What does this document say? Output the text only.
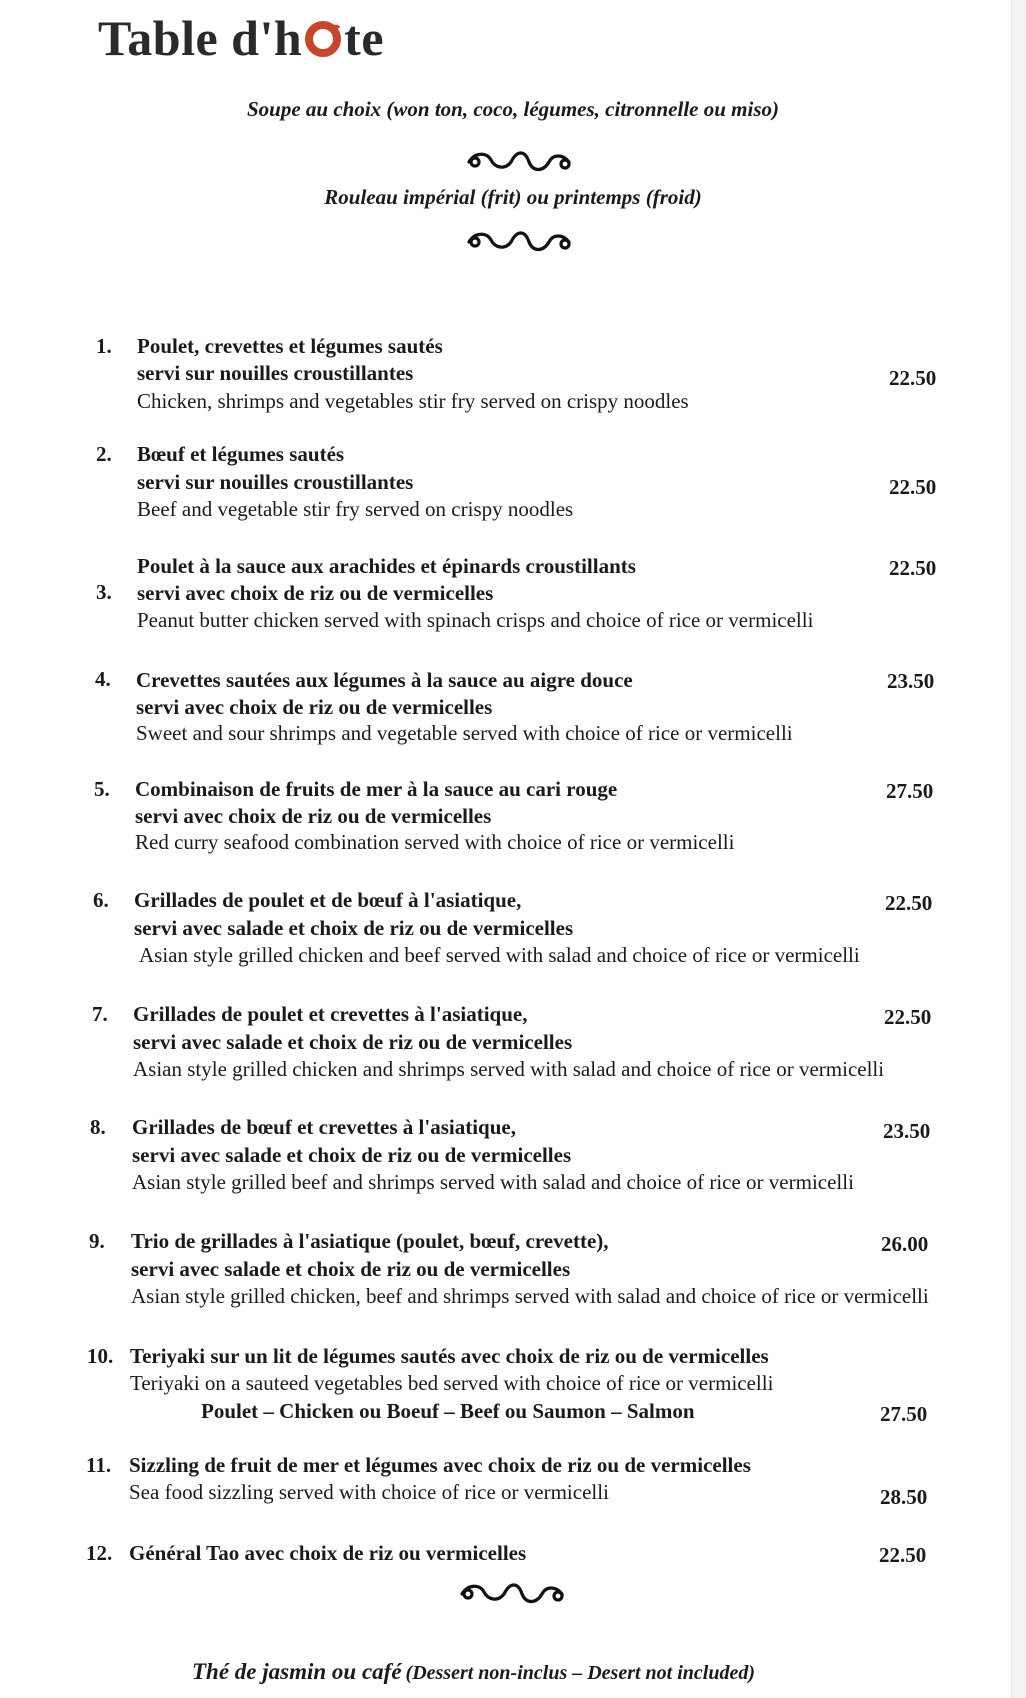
Table d'h te
Soupe au choix (won ton, coco, légumes, citronnelle ou miso)
Rouleau impérial (frit) ou printemps (froid)
1. Poulet, crevettes et légumes sautés
servi sur nouilles croustillantes
Chicken, shrimps and vegetables stir fry served on crispy noodles
22.50
2. Bœuf et légumes sautés
servi sur nouilles croustillantes
Beef and vegetable stir fry served on crispy noodles
22.50
3.
Poulet à la sauce aux arachides et épinards croustillants
servi avec choix de riz ou de vermicelles
Peanut butter chicken served with spinach crisps and choice of rice or vermicelli
22.50
4. Crevettes sautées aux légumes à la sauce au aigre douce
servi avec choix de riz ou de vermicelles
Sweet and sour shrimps and vegetable served with choice of rice or vermicelli
23.50
5. Combinaison de fruits de mer à la sauce au cari rouge
servi avec choix de riz ou de vermicelles
Red curry seafood combination served with choice of rice or vermicelli
27.50
6. Grillades de poulet et de bœuf à l'asiatique,
servi avec salade et choix de riz ou de vermicelles
Asian style grilled chicken and beef served with salad and choice of rice or vermicelli
22.50
7. Grillades de poulet et crevettes à l'asiatique,
servi avec salade et choix de riz ou de vermicelles
Asian style grilled chicken and shrimps served with salad and choice of rice or vermicelli
22.50
8. Grillades de bœuf et crevettes à l'asiatique,
servi avec salade et choix de riz ou de vermicelles
Asian style grilled beef and shrimps served with salad and choice of rice or vermicelli
23.50
9. Trio de grillades à l'asiatique (poulet, bœuf, crevette),
servi avec salade et choix de riz ou de vermicelles
Asian style grilled chicken, beef and shrimps served with salad and choice of rice or vermicelli
26.00
10. Teriyaki sur un lit de légumes sautés avec choix de riz ou de vermicelles
Teriyaki on a sauteed vegetables bed served with choice of rice or vermicelli
Poulet – Chicken ou Boeuf – Beef ou Saumon – Salmon	27.50
11. Sizzling de fruit de mer et légumes avec choix de riz ou de vermicelles
Sea food sizzling served with choice of rice or vermicelli	28.50
12. Général Tao avec choix de riz ou vermicelles	22.50
Thé de jasmin ou café (Dessert non-inclus – Desert not included)
